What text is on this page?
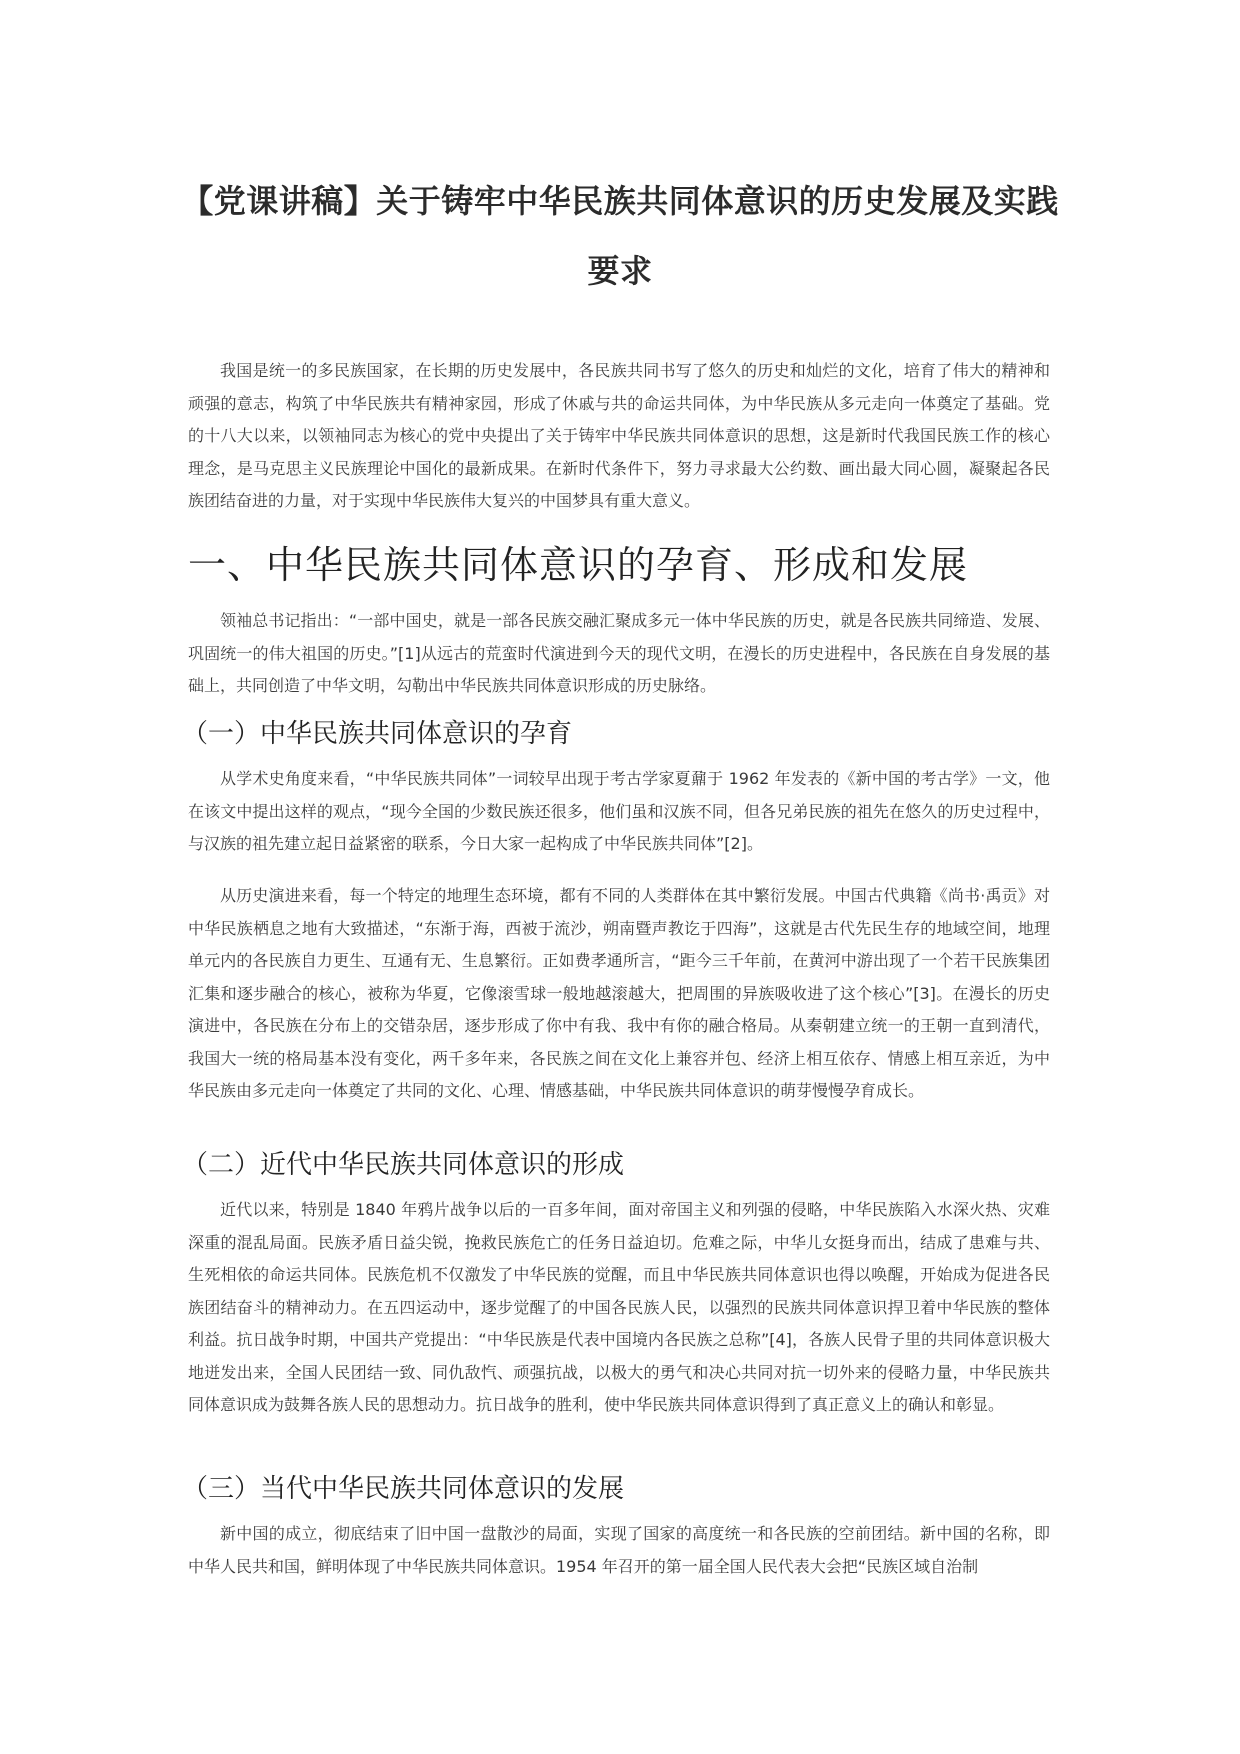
【党课讲稿】关于铸牢中华民族共同体意识的历史发展及实践要求

我国是统一的多民族国家，在长期的历史发展中，各民族共同书写了悠久的历史和灿烂的文化，培育了伟大的精神和顽强的意志，构筑了中华民族共有精神家园，形成了休戚与共的命运共同体，为中华民族从多元走向一体奠定了基础。党的十八大以来，以领袖同志为核心的党中央提出了关于铸牢中华民族共同体意识的思想，这是新时代我国民族工作的核心理念，是马克思主义民族理论中国化的最新成果。在新时代条件下，努力寻求最大公约数、画出最大同心圆，凝聚起各民族团结奋进的力量，对于实现中华民族伟大复兴的中国梦具有重大意义。

一、中华民族共同体意识的孕育、形成和发展

领袖总书记指出：“一部中国史，就是一部各民族交融汇聚成多元一体中华民族的历史，就是各民族共同缔造、发展、巩固统一的伟大祖国的历史。”[1]从远古的荒蛮时代演进到今天的现代文明，在漫长的历史进程中，各民族在自身发展的基础上，共同创造了中华文明，勾勒出中华民族共同体意识形成的历史脉络。

（一）中华民族共同体意识的孕育

从学术史角度来看，“中华民族共同体”一词较早出现于考古学家夏鼐于 1962 年发表的《新中国的考古学》一文，他在该文中提出这样的观点，“现今全国的少数民族还很多，他们虽和汉族不同，但各兄弟民族的祖先在悠久的历史过程中，与汉族的祖先建立起日益紧密的联系，今日大家一起构成了中华民族共同体”[2]。

从历史演进来看，每一个特定的地理生态环境，都有不同的人类群体在其中繁衍发展。中国古代典籍《尚书·禹贡》对中华民族栖息之地有大致描述，“东渐于海，西被于流沙，朔南暨声教讫于四海”，这就是古代先民生存的地域空间，地理单元内的各民族自力更生、互通有无、生息繁衍。正如费孝通所言，“距今三千年前，在黄河中游出现了一个若干民族集团汇集和逐步融合的核心，被称为华夏，它像滚雪球一般地越滚越大，把周围的异族吸收进了这个核心”[3]。在漫长的历史演进中，各民族在分布上的交错杂居，逐步形成了你中有我、我中有你的融合格局。从秦朝建立统一的王朝一直到清代，我国大一统的格局基本没有变化，两千多年来，各民族之间在文化上兼容并包、经济上相互依存、情感上相互亲近，为中华民族由多元走向一体奠定了共同的文化、心理、情感基础，中华民族共同体意识的萌芽慢慢孕育成长。

（二）近代中华民族共同体意识的形成

近代以来，特别是 1840 年鸦片战争以后的一百多年间，面对帝国主义和列强的侵略，中华民族陷入水深火热、灾难深重的混乱局面。民族矛盾日益尖锐，挽救民族危亡的任务日益迫切。危难之际，中华儿女挺身而出，结成了患难与共、生死相依的命运共同体。民族危机不仅激发了中华民族的觉醒，而且中华民族共同体意识也得以唤醒，开始成为促进各民族团结奋斗的精神动力。在五四运动中，逐步觉醒了的中国各民族人民，以强烈的民族共同体意识捍卫着中华民族的整体利益。抗日战争时期，中国共产党提出：“中华民族是代表中国境内各民族之总称”[4]，各族人民骨子里的共同体意识极大地迸发出来，全国人民团结一致、同仇敌忾、顽强抗战，以极大的勇气和决心共同对抗一切外来的侵略力量，中华民族共同体意识成为鼓舞各族人民的思想动力。抗日战争的胜利，使中华民族共同体意识得到了真正意义上的确认和彰显。

（三）当代中华民族共同体意识的发展

新中国的成立，彻底结束了旧中国一盘散沙的局面，实现了国家的高度统一和各民族的空前团结。新中国的名称，即中华人民共和国，鲜明体现了中华民族共同体意识。1954 年召开的第一届全国人民代表大会把“民族区域自治制
